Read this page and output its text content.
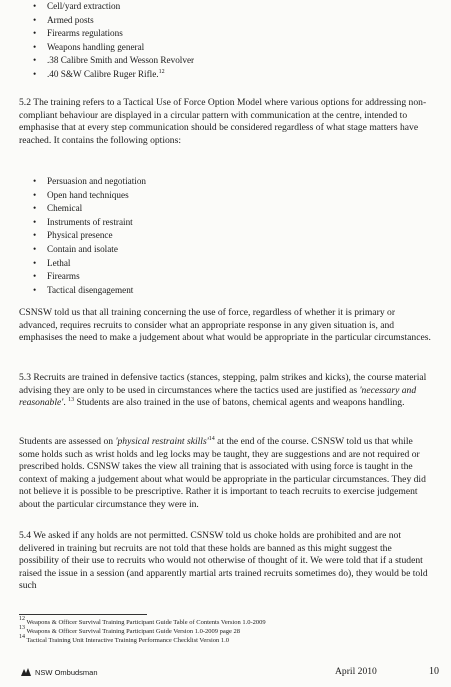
• Cell/yard extraction
• Armed posts
• Firearms regulations
• Weapons handling general
• .38 Calibre Smith and Wesson Revolver
• .40 S&W Calibre Ruger Rifle.$^{12}$

5.2 The training refers to a Tactical Use of Force Option Model where various options for addressing non-compliant behaviour are displayed in a circular pattern with communication at the centre, intended to emphasise that at every step communication should be considered regardless of what stage matters have reached. It contains the following options:

• Persuasion and negotiation
• Open hand techniques
• Chemical
• Instruments of restraint
• Physical presence
• Contain and isolate
• Lethal
• Firearms
• Tactical disengagement

CSNSW told us that all training concerning the use of force, regardless of whether it is primary or advanced, requires recruits to consider what an appropriate response in any given situation is, and emphasises the need to make a judgement about what would be appropriate in the particular circumstances.

5.3 Recruits are trained in defensive tactics (stances, stepping, palm strikes and kicks), the course material advising they are only to be used in circumstances where the tactics used are justified as 'necessary and reasonable'. $^{13}$ Students are also trained in the use of batons, chemical agents and weapons handling.

Students are assessed on 'physical restraint $skills'^{14}$ at the end of the course. CSNSW told us that while some holds such as wrist holds and leg locks may be taught, they are suggestions and are not required or prescribed holds. CSNSW takes the view all training that is associated with using force is taught in the context of making a judgement about what would be appropriate in the particular circumstances. They did not believe it is possible to be prescriptive. Rather it is important to teach recruits to exercise judgement about the particular circumstance they were in.

5.4 We asked if any holds are not permitted. CSNSW told us choke holds are prohibited and are not delivered in training but recruits are not told that these holds are banned as this might suggest the possibility of their use to recruits who would not otherwise of thought of it. We were told that if a student raised the issue in a session (and apparently martial arts trained recruits sometimes do), they would be told such

$^{12}$ Weapons & Officer Survival Training Participant Guide Table of Contents Version 1.0-2009

$^{13}$ Weapons & Officer Survival Training Participant Guide Version 1.0-2009 page 28

$^{14}$ Tactical Training Unit Interactive Training Performance Checklist Version 1.0

NSW Ombudsman	April 2010	10
